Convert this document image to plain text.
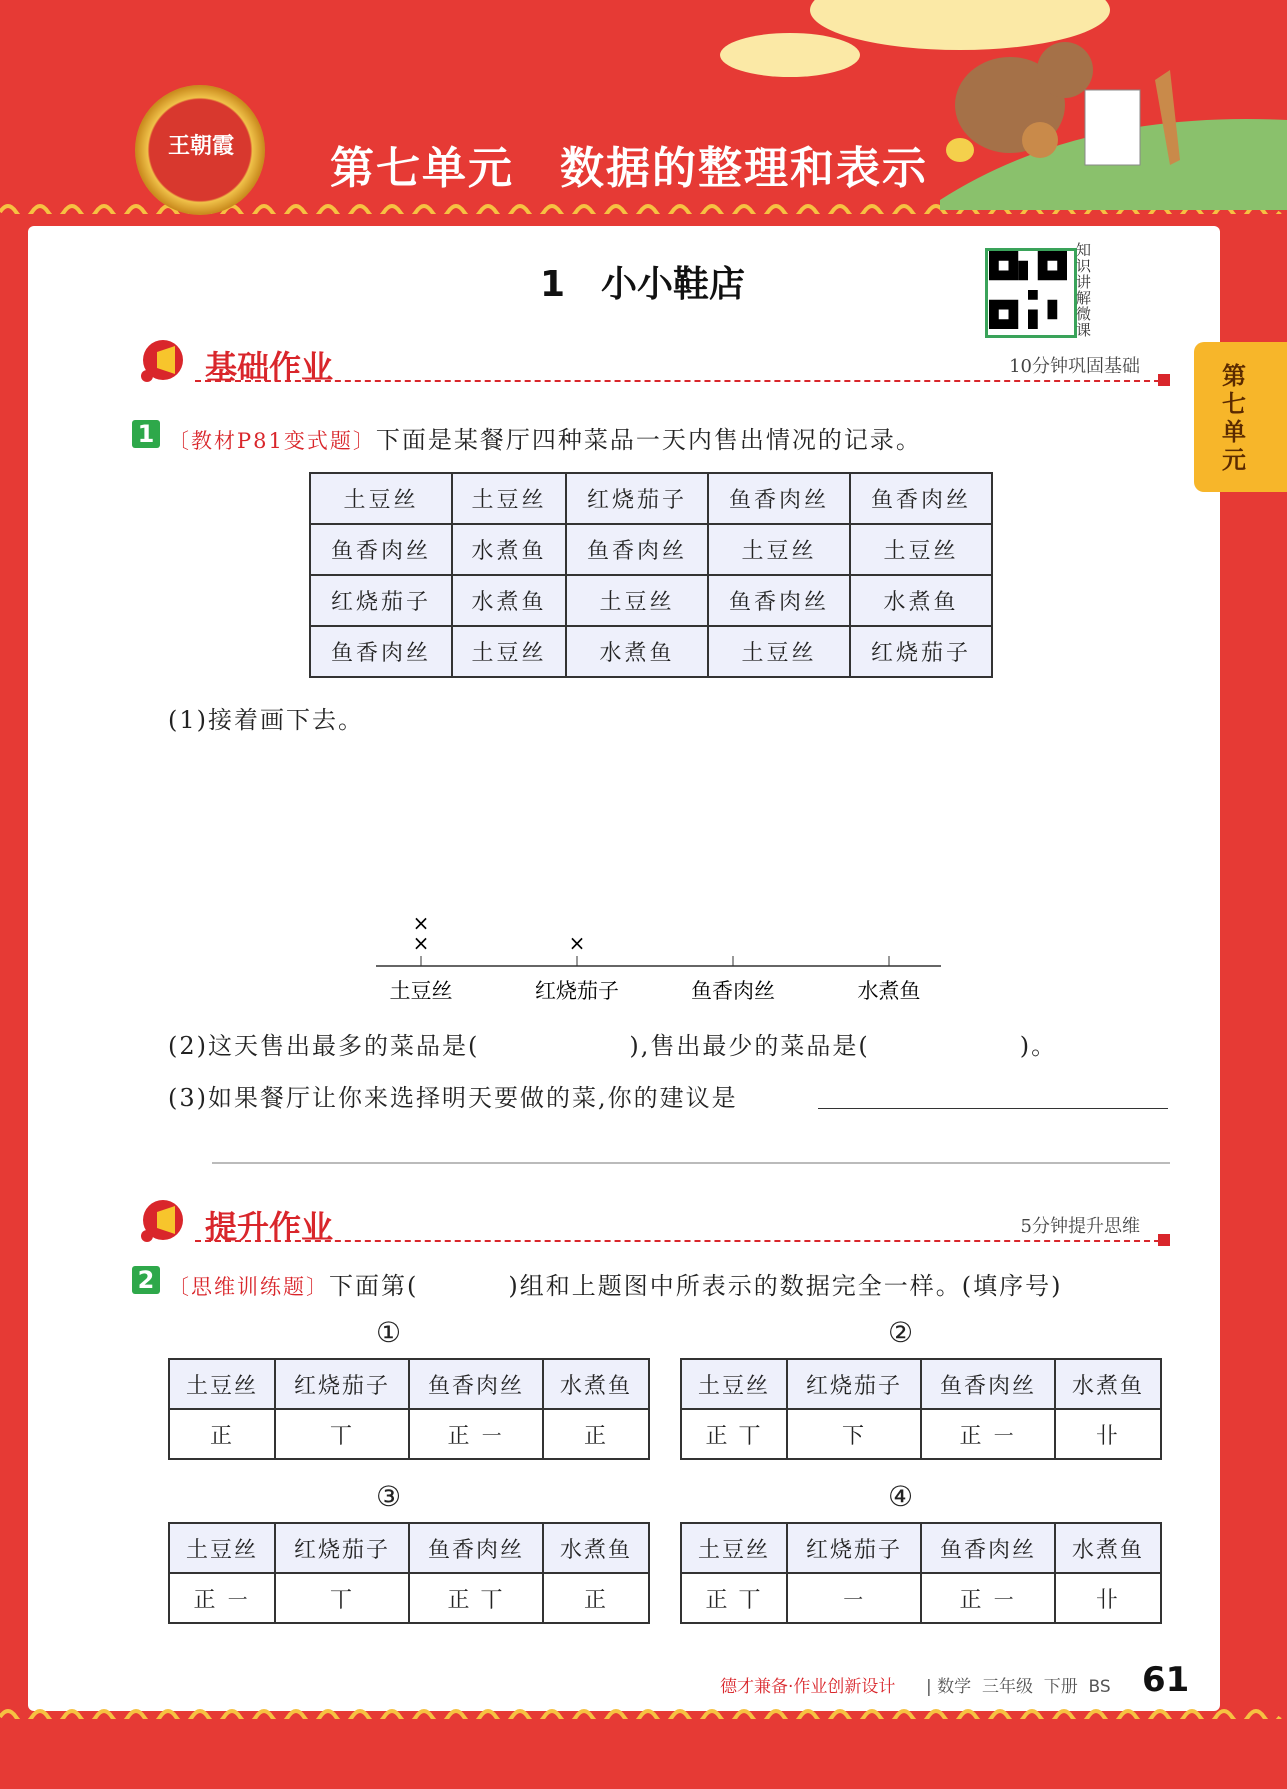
王朝霞	第七单元　数据的整理和表示
第七单元
1　小小鞋店
知识讲解微课
基础作业	10分钟巩固基础
1 〔教材P81变式题〕下面是某餐厅四种菜品一天内售出情况的记录。
土豆丝	土豆丝	红烧茄子	鱼香肉丝	鱼香肉丝
鱼香肉丝	水煮鱼	鱼香肉丝	土豆丝	土豆丝
红烧茄子	水煮鱼	土豆丝	鱼香肉丝	水煮鱼
鱼香肉丝	土豆丝	水煮鱼	土豆丝	红烧茄子
(1)接着画下去。
土豆丝
×
×
红烧茄子
×
鱼香肉丝	水煮鱼
(2)这天售出最多的菜品是(	),售出最少的菜品是(	)。
(3)如果餐厅让你来选择明天要做的菜,你的建议是
提升作业	5分钟提升思维
2 〔思维训练题〕下面第(	)组和上题图中所表示的数据完全一样。(填序号)
①
土豆丝	红烧茄子	鱼香肉丝	水煮鱼
正	丅	正 ㇐	正
②
土豆丝	红烧茄子	鱼香肉丝	水煮鱼
正 丅	下	正 ㇐	卝
③
土豆丝	红烧茄子	鱼香肉丝	水煮鱼
正 ㇐	丅	正 丅	正
④
土豆丝	红烧茄子	鱼香肉丝	水煮鱼
正 丅	㇐	正 ㇐	卝
德才兼备·作业创新设计 | 数学  三年级  下册  BS 61
